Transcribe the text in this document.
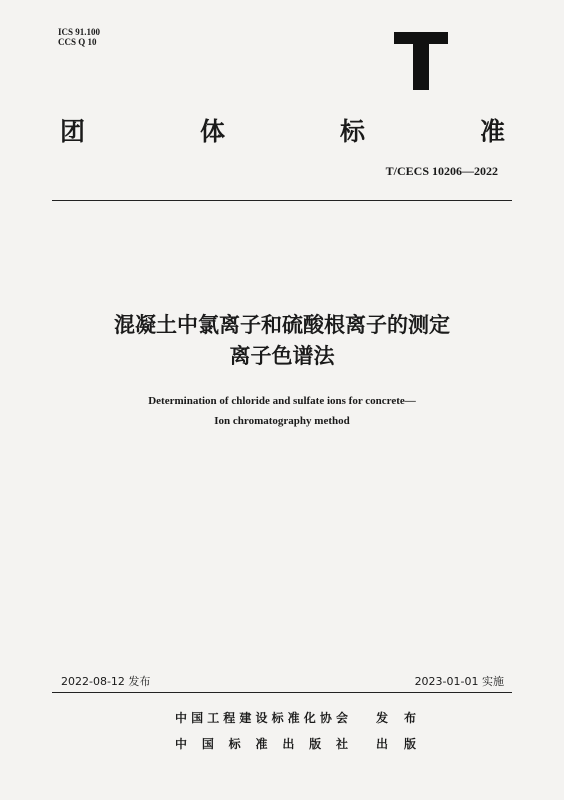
ICS 91.100
CCS Q 10
T
团	体	标	准
T/CECS 10206—2022
混凝土中氯离子和硫酸根离子的测定
离子色谱法
Determination of chloride and sulfate ions for concrete—
Ion chromatography method
2022-08-12 发布	2023-01-01 实施
中 国 工 程 建 设 标 准 化 协 会 发 布
中 国 标 准 出 版 社 出 版
